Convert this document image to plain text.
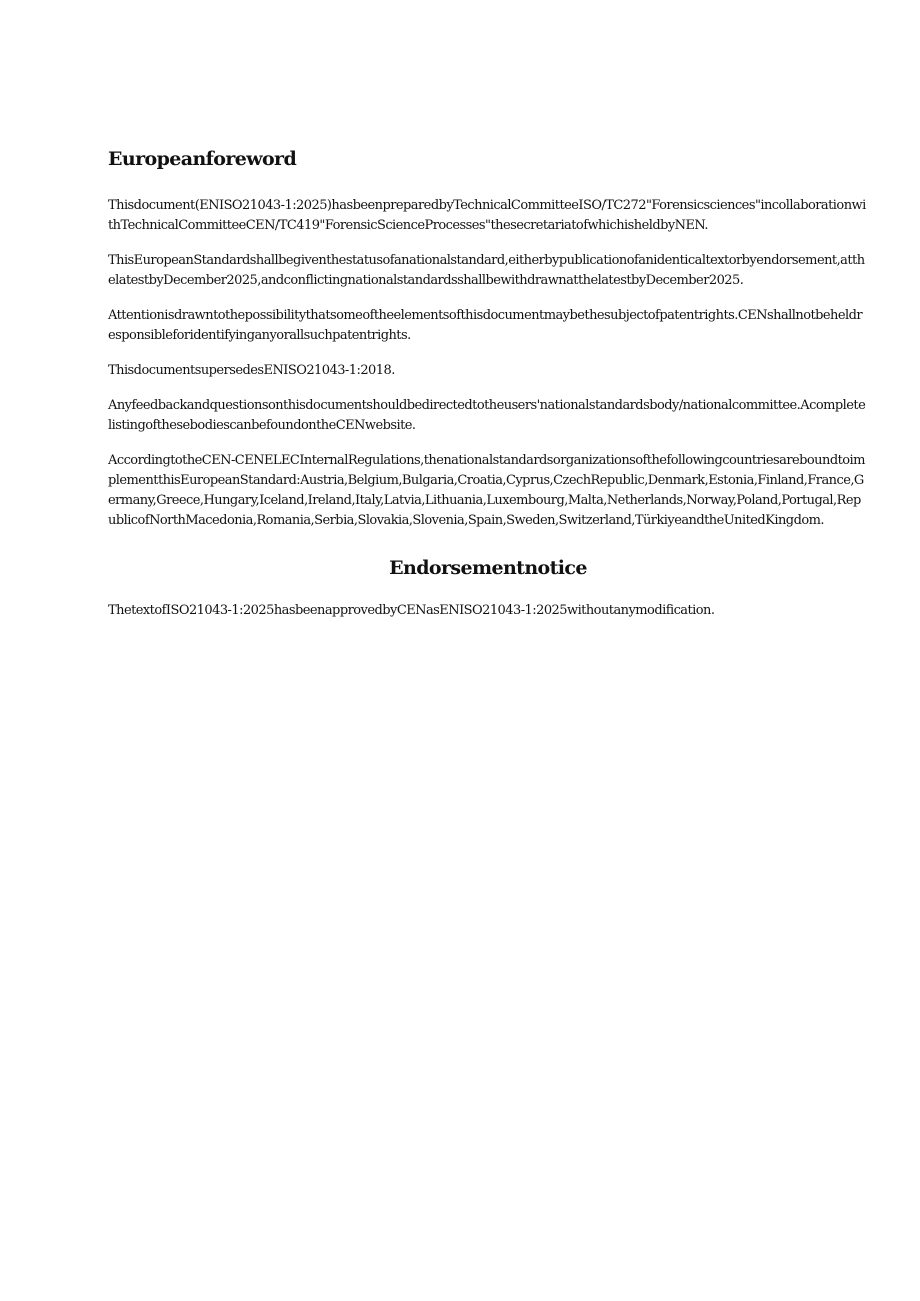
Europeanforeword

Thisdocument(ENISO21043-1:2025)hasbeenpreparedbyTechnicalCommitteeISO/TC272"Forensicsciences"incollaborationwithTechnicalCommitteeCEN/TC419"ForensicScienceProcesses"thesecretariatofwhichisheldbyNEN.

ThisEuropeanStandardshallbegiventhestatusofanationalstandard,eitherbypublicationofanidenticaltextorbyendorsement,atthelatestbyDecember2025,andconflictingnationalstandardsshallbewithdrawnatthelatestbyDecember2025.

Attentionisdrawntothepossibilitythatsomeoftheelementsofthisdocumentmaybethesubjectofpatentrights.CENshallnotbeheldresponsibleforidentifyinganyorallsuchpatentrights.

ThisdocumentsupersedesENISO21043-1:2018.

Anyfeedbackandquestionsonthisdocumentshouldbedirectedtotheusers'nationalstandardsbody/nationalcommittee.AcompletelistingofthesebodiescanbefoundontheCENwebsite.

AccordingtotheCEN-CENELECInternalRegulations,thenationalstandardsorganizationsofthefollowingcountriesareboundtoimplementthisEuropeanStandard:Austria,Belgium,Bulgaria,Croatia,Cyprus,CzechRepublic,Denmark,Estonia,Finland,France,Germany,Greece,Hungary,Iceland,Ireland,Italy,Latvia,Lithuania,Luxembourg,Malta,Netherlands,Norway,Poland,Portugal,RepublicofNorthMacedonia,Romania,Serbia,Slovakia,Slovenia,Spain,Sweden,Switzerland,TürkiyeandtheUnitedKingdom.

Endorsementnotice

ThetextofISO21043-1:2025hasbeenapprovedbyCENasENISO21043-1:2025withoutanymodification.
